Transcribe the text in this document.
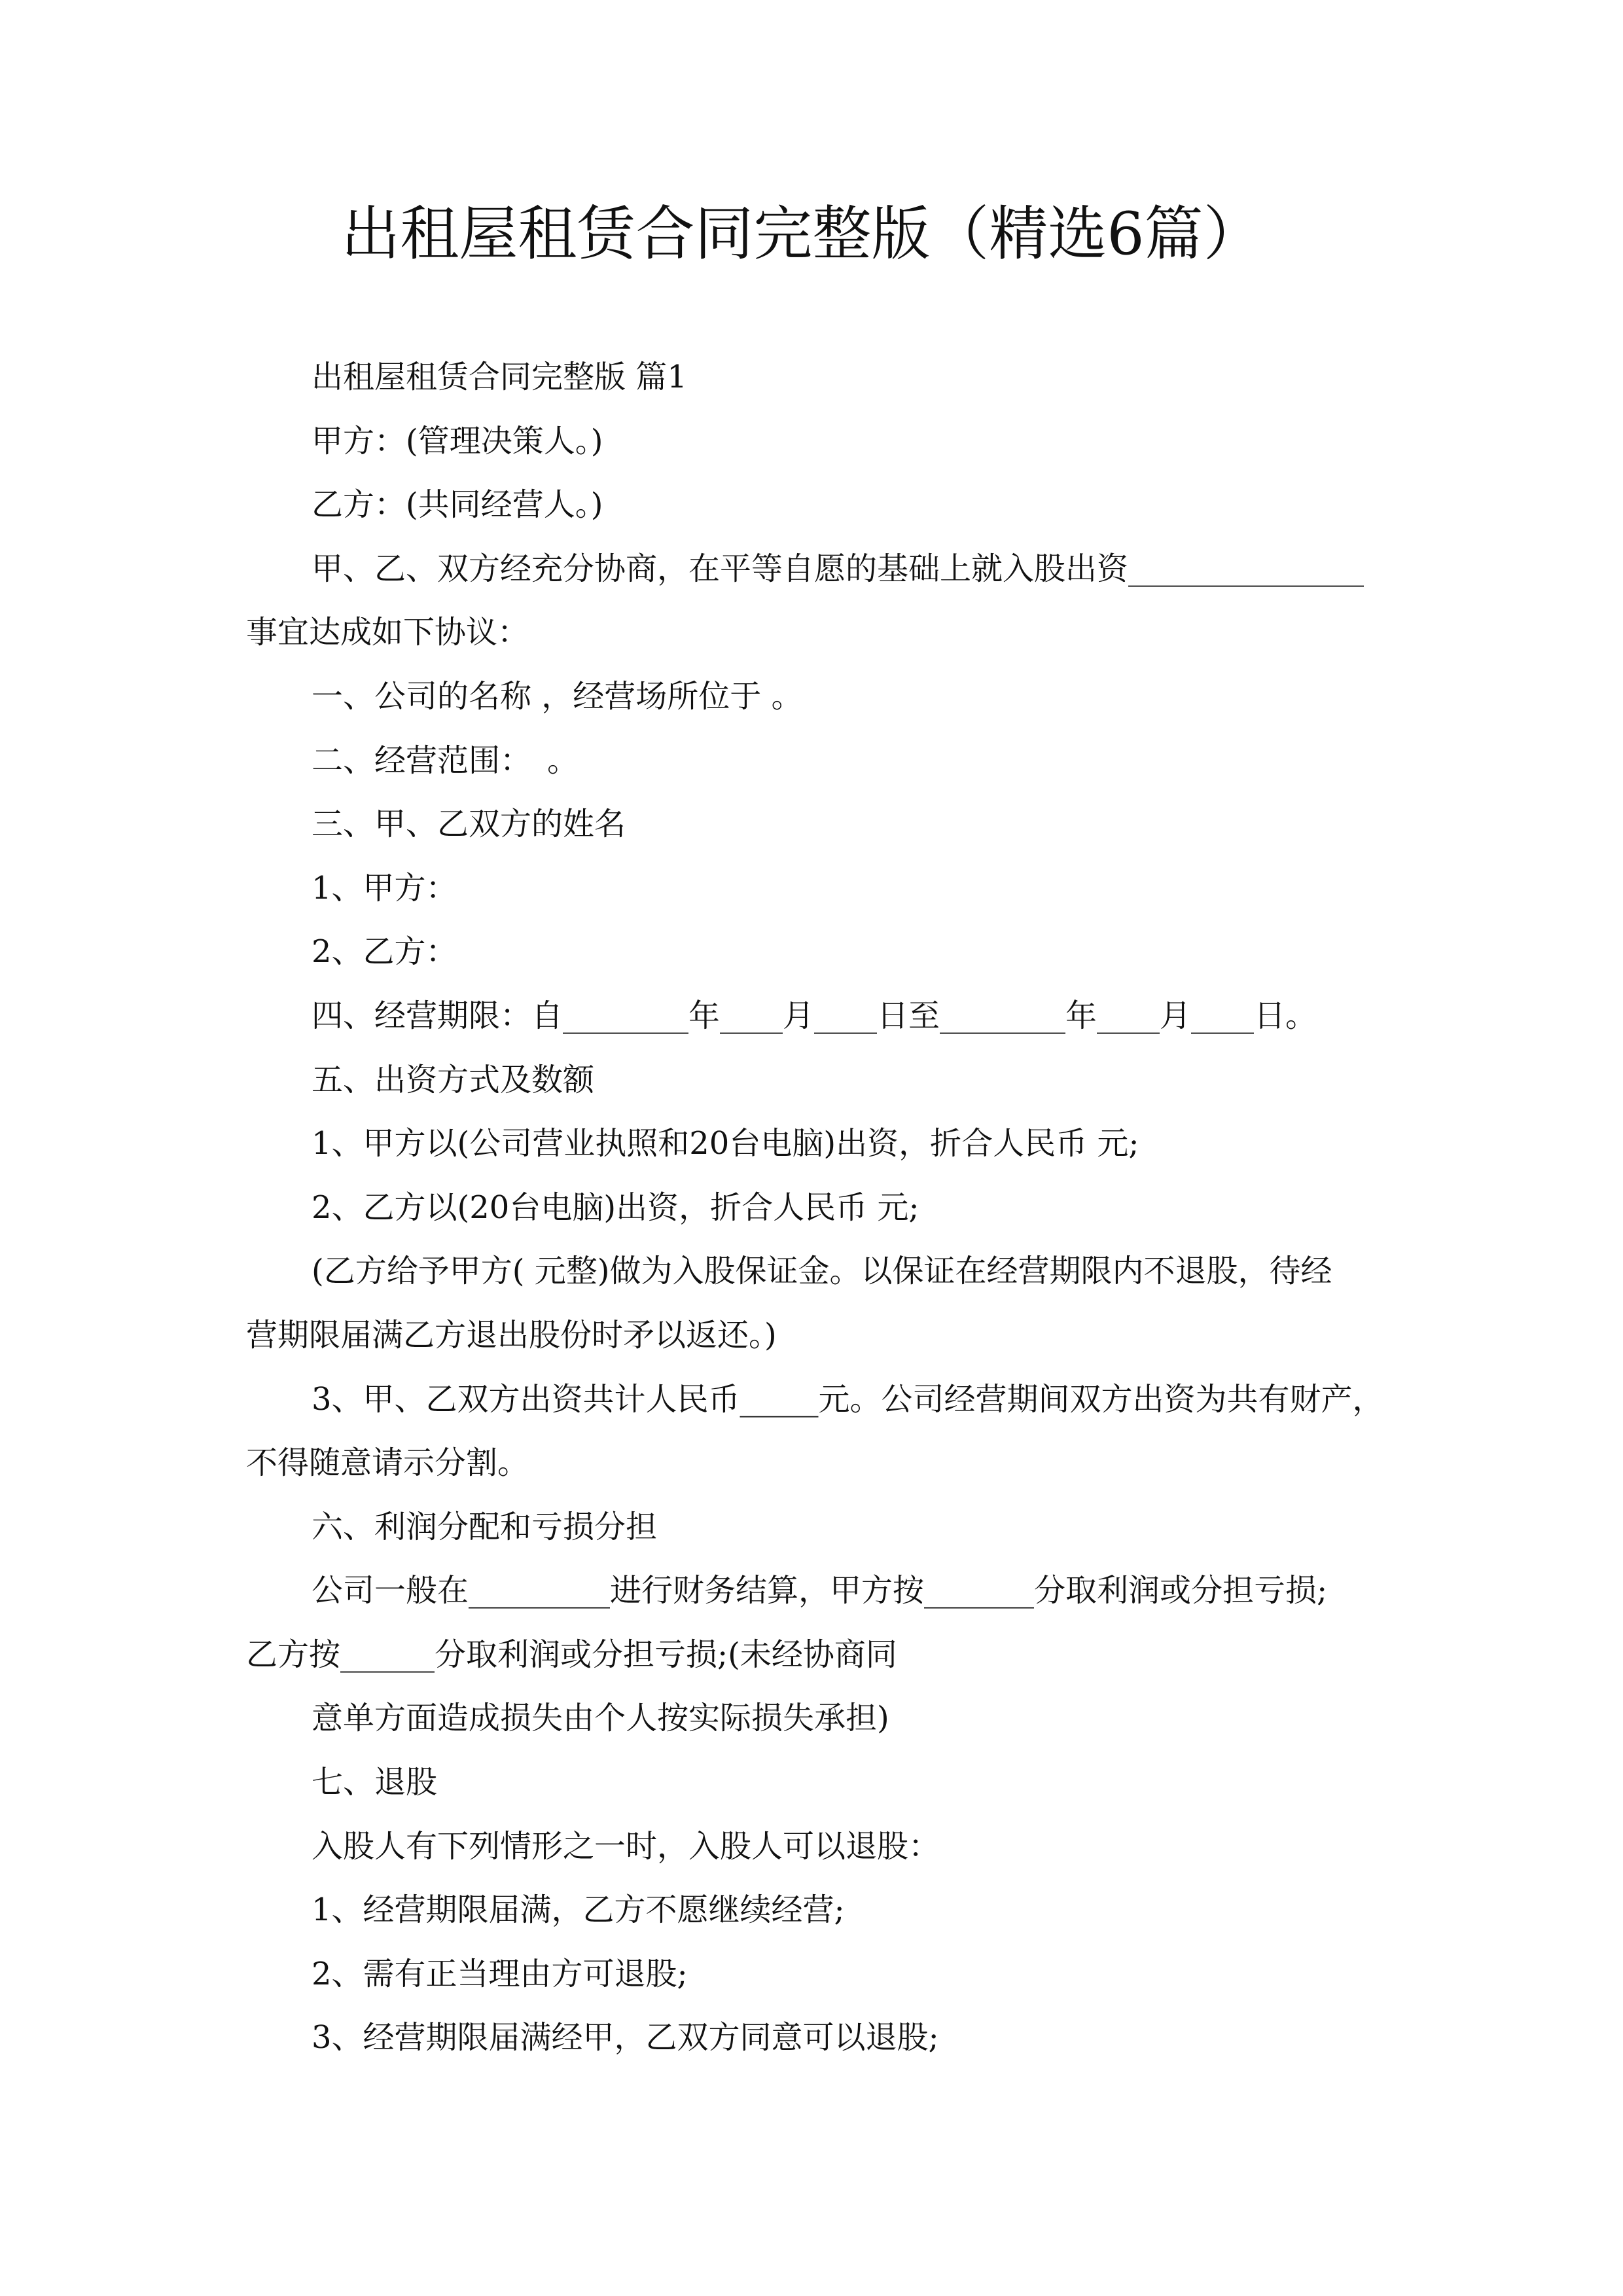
出租屋租赁合同完整版（精选6篇）
出租屋租赁合同完整版 篇1
甲方：(管理决策人。)
乙方：(共同经营人。)
甲、乙、双方经充分协商，在平等自愿的基础上就入股出资_______________
事宜达成如下协议：
一、公司的名称 ，经营场所位于 。
二、经营范围：　。
三、甲、乙双方的姓名
1、甲方：
2、乙方：
四、经营期限：自________年____月____日至________年____月____日。
五、出资方式及数额
1、甲方以(公司营业执照和20台电脑)出资，折合人民币 元;
2、乙方以(20台电脑)出资，折合人民币 元;
(乙方给予甲方( 元整)做为入股保证金。以保证在经营期限内不退股，待经
营期限届满乙方退出股份时矛以返还。)
3、甲、乙双方出资共计人民币_____元。公司经营期间双方出资为共有财产，
不得随意请示分割。
六、利润分配和亏损分担
公司一般在_________进行财务结算，甲方按_______分取利润或分担亏损;
乙方按______分取利润或分担亏损;(未经协商同
意单方面造成损失由个人按实际损失承担)
七、退股
入股人有下列情形之一时，入股人可以退股：
1、经营期限届满，乙方不愿继续经营;
2、需有正当理由方可退股;
3、经营期限届满经甲，乙双方同意可以退股;
